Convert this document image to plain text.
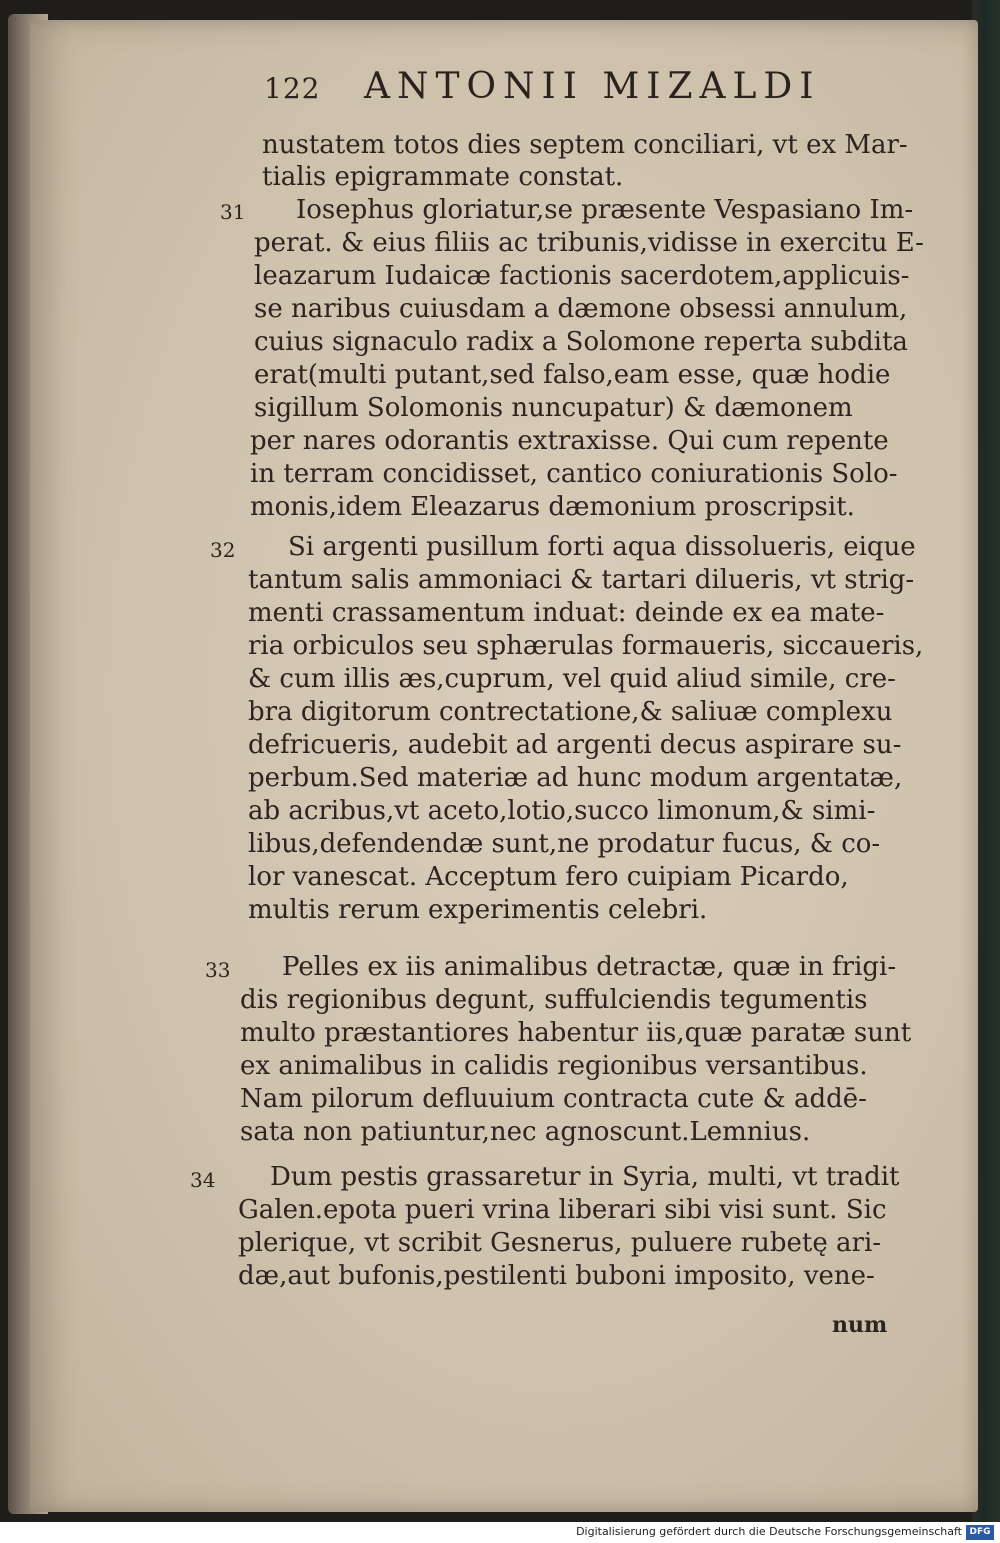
122 ANTONII MIZALDI
nustatem totos dies septem conciliari, vt ex Mar-
tialis epigrammate constat.
31 Iosephus gloriatur,se præsente Vespasiano Im-
perat. & eius filiis ac tribunis,vidisse in exercitu E-
leazarum Iudaicæ factionis sacerdotem,applicuis-
se naribus cuiusdam a dæmone obsessi annulum,
cuius signaculo radix a Solomone reperta subdita
erat(multi putant,sed falso,eam esse, quæ hodie
sigillum Solomonis nuncupatur) & dæmonem
per nares odorantis extraxisse. Qui cum repente
in terram concidisset, cantico coniurationis Solo-
monis,idem Eleazarus dæmonium proscripsit.
32 Si argenti pusillum forti aqua dissolueris, eique
tantum salis ammoniaci & tartari dilueris, vt strig-
menti crassamentum induat: deinde ex ea mate-
ria orbiculos seu sphærulas formaueris, siccaueris,
& cum illis æs,cuprum, vel quid aliud simile, cre-
bra digitorum contrectatione,& saliuæ complexu
defricueris, audebit ad argenti decus aspirare su-
perbum.Sed materiæ ad hunc modum argentatæ,
ab acribus,vt aceto,lotio,succo limonum,& simi-
libus,defendendæ sunt,ne prodatur fucus, & co-
lor vanescat. Acceptum fero cuipiam Picardo,
multis rerum experimentis celebri.
33 Pelles ex iis animalibus detractæ, quæ in frigi-
dis regionibus degunt, suffulciendis tegumentis
multo præstantiores habentur iis,quæ paratæ sunt
ex animalibus in calidis regionibus versantibus.
Nam pilorum defluuium contracta cute & addē-
sata non patiuntur,nec agnoscunt.Lemnius.
34 Dum pestis grassaretur in Syria, multi, vt tradit
Galen.epota pueri vrina liberari sibi visi sunt. Sic
plerique, vt scribit Gesnerus, puluere rubetę ari-
dæ,aut bufonis,pestilenti buboni imposito, vene-
num
Digitalisierung gefördert durch die Deutsche Forschungsgemeinschaft DFG
